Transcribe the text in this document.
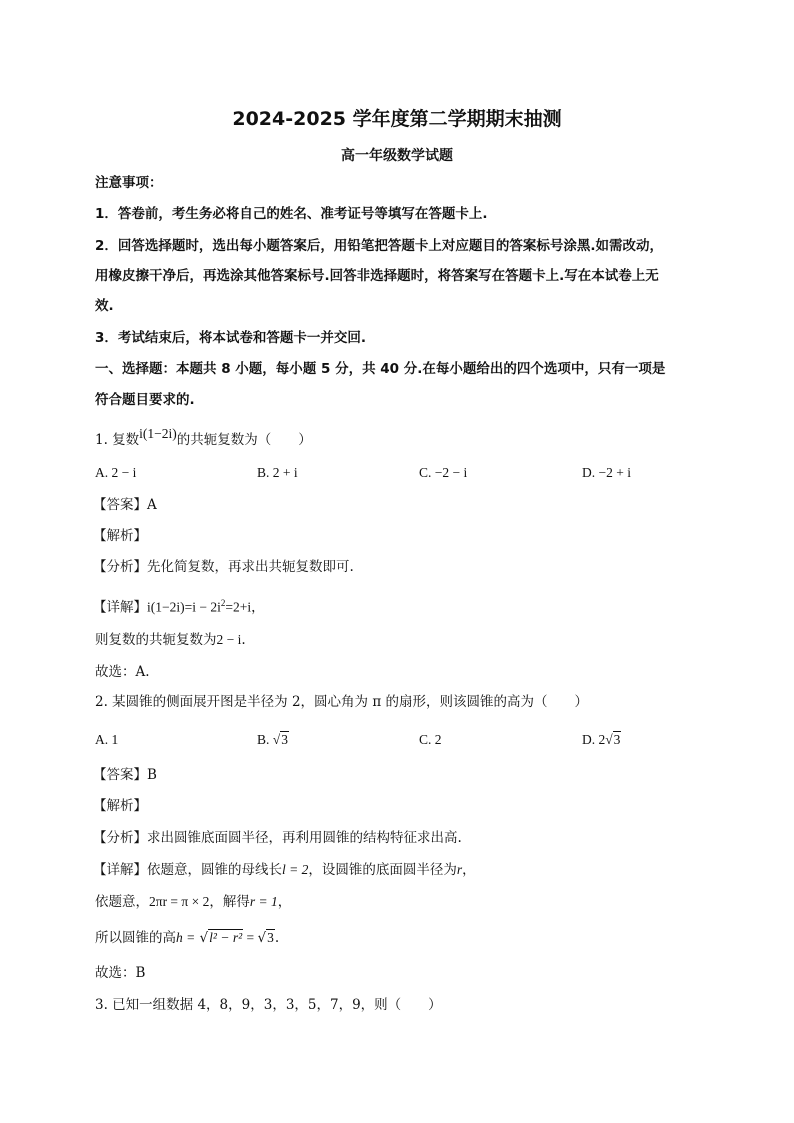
2024-2025 学年度第二学期期末抽测
高一年级数学试题
注意事项：
1．答卷前，考生务必将自己的姓名、准考证号等填写在答题卡上.
2．回答选择题时，选出每小题答案后，用铅笔把答题卡上对应题目的答案标号涂黑.如需改动，
用橡皮擦干净后，再选涂其他答案标号.回答非选择题时，将答案写在答题卡上.写在本试卷上无
效.
3．考试结束后，将本试卷和答题卡一并交回.
一、选择题：本题共 8 小题，每小题 5 分，共 40 分.在每小题给出的四个选项中，只有一项是
符合题目要求的.
1. 复数i(1−2i)的共轭复数为（　　）
A. 2 − i	B. 2 + i	C. −2 − i	D. −2 + i
【答案】A
【解析】
【分析】先化简复数，再求出共轭复数即可.
【详解】$i(1-2i)=i - 2i^2=2+i$，
则复数的共轭复数为2 − i.
故选：A.
2. 某圆锥的侧面展开图是半径为 2，圆心角为 π 的扇形，则该圆锥的高为（　　）
A. 1	B. √3	C. 2	D. 2√3
【答案】B
【解析】
【分析】求出圆锥底面圆半径，再利用圆锥的结构特征求出高.
【详解】依题意，圆锥的母线长l = 2，设圆锥的底面圆半径为r，
依题意，2πr = π × 2，解得r = 1，
所以圆锥的高h = √l² − r² = √3.
故选：B
3. 已知一组数据 4，8，9，3，3，5，7，9，则（　　）
